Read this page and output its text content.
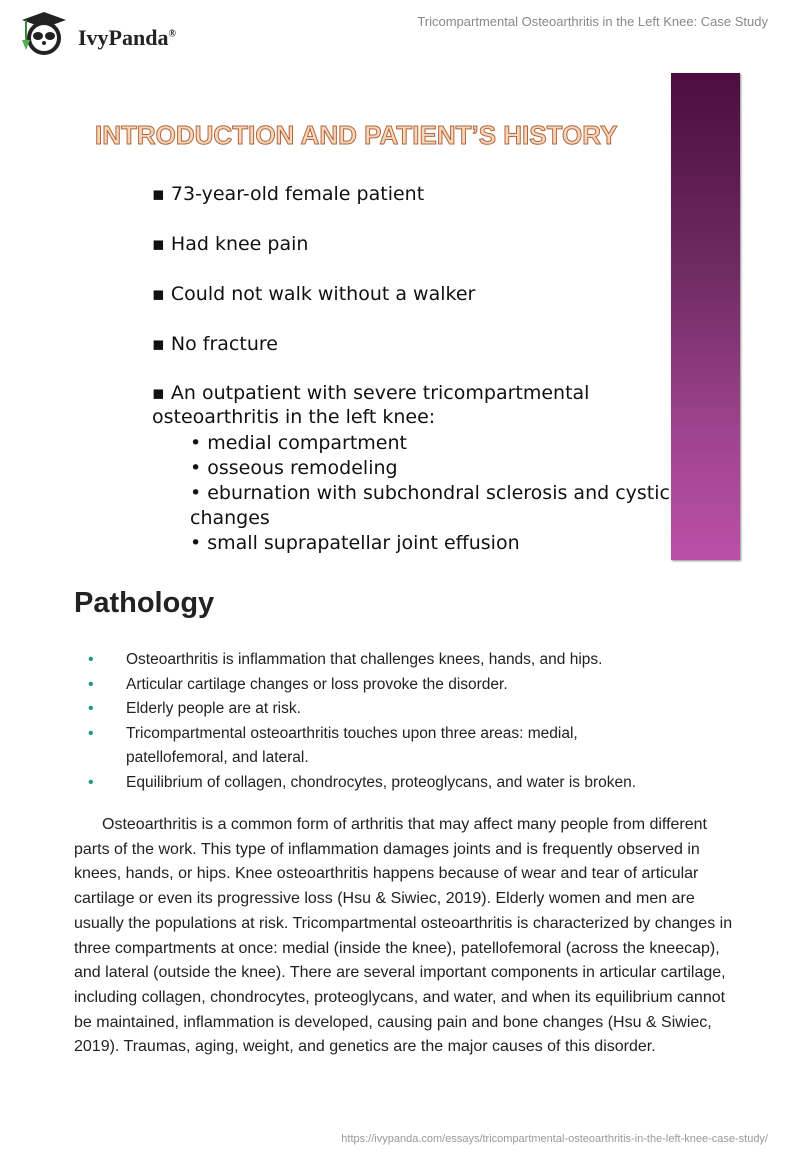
IvyPanda®
Tricompartmental Osteoarthritis in the Left Knee: Case Study
INTRODUCTION AND PATIENT’S HISTORY
▪ 73-year-old female patient
▪ Had knee pain
▪ Could not walk without a walker
▪ No fracture
▪ An outpatient with severe tricompartmental
osteoarthritis in the left knee:
• medial compartment
• osseous remodeling
• eburnation with subchondral sclerosis and cystic
changes
• small suprapatellar joint effusion
Pathology
• Osteoarthritis is inflammation that challenges knees, hands, and hips.
• Articular cartilage changes or loss provoke the disorder.
• Elderly people are at risk.
• Tricompartmental osteoarthritis touches upon three areas: medial, patellofemoral, and lateral.
• Equilibrium of collagen, chondrocytes, proteoglycans, and water is broken.

Osteoarthritis is a common form of arthritis that may affect many people from different parts of the work. This type of inflammation damages joints and is frequently observed in knees, hands, or hips. Knee osteoarthritis happens because of wear and tear of articular cartilage or even its progressive loss (Hsu & Siwiec, 2019). Elderly women and men are usually the populations at risk. Tricompartmental osteoarthritis is characterized by changes in three compartments at once: medial (inside the knee), patellofemoral (across the kneecap), and lateral (outside the knee). There are several important components in articular cartilage, including collagen, chondrocytes, proteoglycans, and water, and when its equilibrium cannot be maintained, inflammation is developed, causing pain and bone changes (Hsu & Siwiec, 2019). Traumas, aging, weight, and genetics are the major causes of this disorder.

https://ivypanda.com/essays/tricompartmental-osteoarthritis-in-the-left-knee-case-study/
